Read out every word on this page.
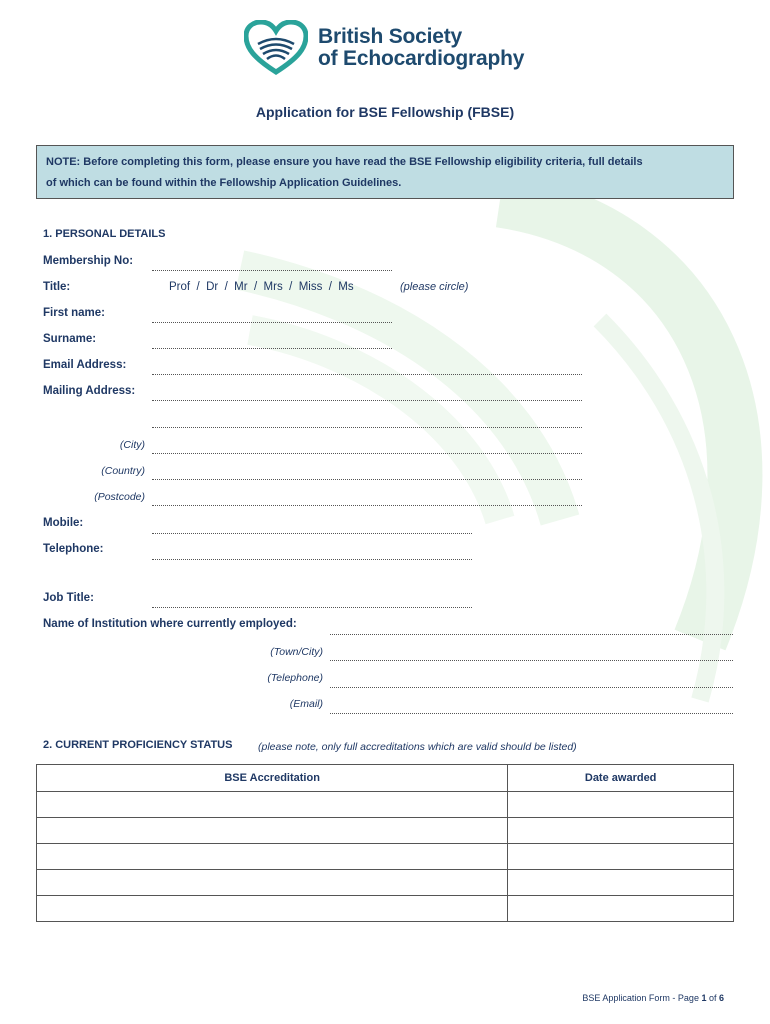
British Society
of Echocardiography
Application for BSE Fellowship (FBSE)
NOTE: Before completing this form, please ensure you have read the BSE Fellowship eligibility criteria, full details
of which can be found within the Fellowship Application Guidelines.
1. PERSONAL DETAILS
Membership No:
Title:	Prof  /  Dr  /  Mr  /  Mrs  /  Miss  /  Ms	(please circle)
First name:
Surname:
Email Address:
Mailing Address:
(City)
(Country)
(Postcode)
Mobile:
Telephone:
Job Title:
Name of Institution where currently employed:
(Town/City)
(Telephone)
(Email)
2. CURRENT PROFICIENCY STATUS (please note, only full accreditations which are valid should be listed)
BSE Accreditation	Date awarded

BSE Application Form - Page 1 of 6
